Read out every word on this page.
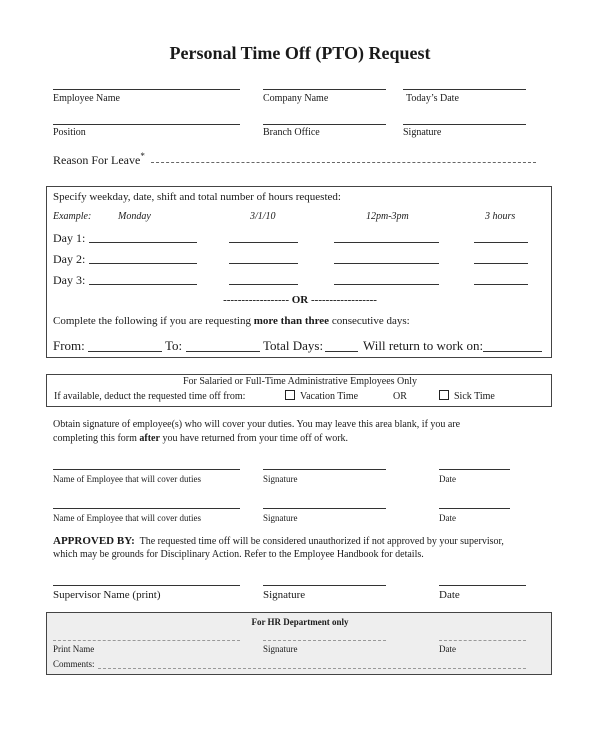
Personal Time Off (PTO) Request
Employee Name	Company Name	Today’s Date
Position	Branch Office	Signature
Reason For Leave*
Specify weekday, date, shift and total number of hours requested:
Example:	Monday	3/1/10	12pm-3pm	3 hours
Day 1:
Day 2:
Day 3:
------------------ OR ------------------
Complete the following if you are requesting more than three consecutive days:
From:	To:	Total Days:	Will return to work on:
For Salaried or Full-Time Administrative Employees Only
If available, deduct the requested time off from:	Vacation Time	OR	Sick Time
Obtain signature of employee(s) who will cover your duties. You may leave this area blank, if you are
completing this form after you have returned from your time off of work.
Name of Employee that will cover duties	Signature	Date
Name of Employee that will cover duties	Signature	Date
APPROVED BY:  The requested time off will be considered unauthorized if not approved by your supervisor,
which may be grounds for Disciplinary Action. Refer to the Employee Handbook for details.
Supervisor Name (print)	Signature	Date
For HR Department only
Print Name	Signature	Date
Comments:
